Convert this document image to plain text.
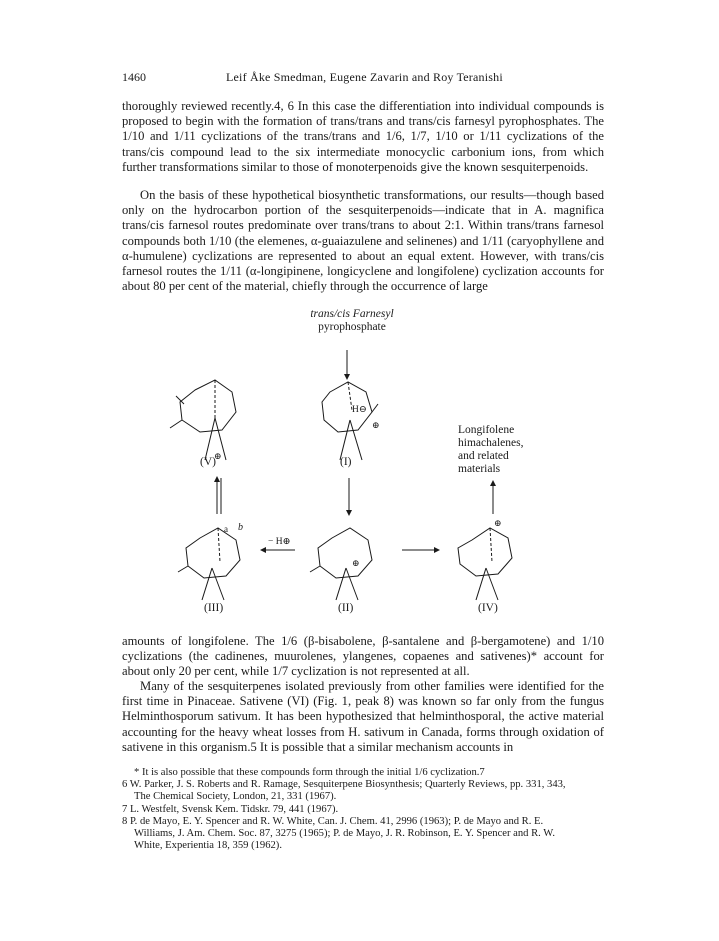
1460	Leif Åke Smedman, Eugene Zavarin and Roy Teranishi

thoroughly reviewed recently.4, 6 In this case the differentiation into individual compounds is proposed to begin with the formation of trans/trans and trans/cis farnesyl pyrophosphates. The 1/10 and 1/11 cyclizations of the trans/trans and 1/6, 1/7, 1/10 or 1/11 cyclizations of the trans/cis compound lead to the six intermediate monocyclic carbonium ions, from which further transformations similar to those of monoterpenoids give the known sesquiterpenoids.

On the basis of these hypothetical biosynthetic transformations, our results—though based only on the hydrocarbon portion of the sesquiterpenoids—indicate that in A. magnifica trans/cis farnesol routes predominate over trans/trans to about 2:1. Within trans/trans farnesol compounds both 1/10 (the elemenes, α-guaiazulene and selinenes) and 1/11 (caryophyllene and α-humulene) cyclizations are represented to about an equal extent. However, with trans/cis farnesol routes the 1/11 (α-longipinene, longicyclene and longifolene) cyclization accounts for about 80 per cent of the material, chiefly through the occurrence of large

trans/cis Farnesyl
pyrophosphate
⊕
H⊖
⊕
⊕
⊕
a b
− H⊕
(V)	(I)
(III)	(II)	(IV)
Longifolene
himachalenes,
and related
materials

amounts of longifolene. The 1/6 (β-bisabolene, β-santalene and β-bergamotene) and 1/10 cyclizations (the cadinenes, muurolenes, ylangenes, copaenes and sativenes)* account for about only 20 per cent, while 1/7 cyclization is not represented at all.

Many of the sesquiterpenes isolated previously from other families were identified for the first time in Pinaceae. Sativene (VI) (Fig. 1, peak 8) was known so far only from the fungus Helminthosporum sativum. It has been hypothesized that helminthosporal, the active material accounting for the heavy wheat losses from H. sativum in Canada, forms through oxidation of sativene in this organism.5 It is possible that a similar mechanism accounts in

* It is also possible that these compounds form through the initial 1/6 cyclization.7
6 W. Parker, J. S. Roberts and R. Ramage, Sesquiterpene Biosynthesis; Quarterly Reviews, pp. 331, 343,
The Chemical Society, London, 21, 331 (1967).
7 L. Westfelt, Svensk Kem. Tidskr. 79, 441 (1967).
8 P. de Mayo, E. Y. Spencer and R. W. White, Can. J. Chem. 41, 2996 (1963); P. de Mayo and R. E.
Williams, J. Am. Chem. Soc. 87, 3275 (1965); P. de Mayo, J. R. Robinson, E. Y. Spencer and R. W.
White, Experientia 18, 359 (1962).
